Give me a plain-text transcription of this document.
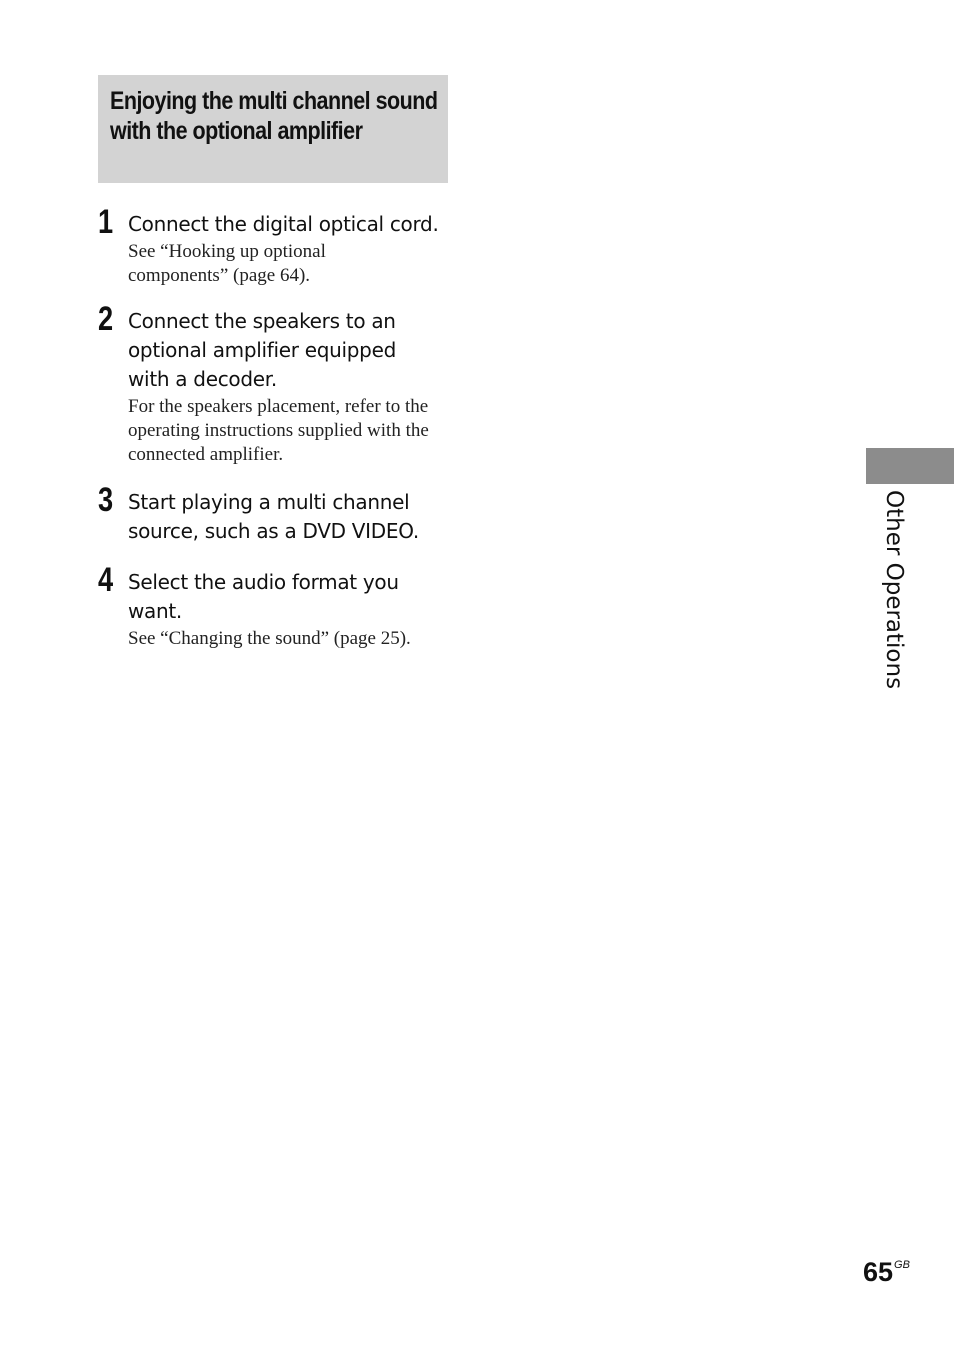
Enjoying the multi channel sound with the optional amplifier
1 Connect the digital optical cord.
See “Hooking up optional components” (page 64).
2 Connect the speakers to an optional amplifier equipped with a decoder.
For the speakers placement, refer to the operating instructions supplied with the connected amplifier.
3 Start playing a multi channel source, such as a DVD VIDEO.
4 Select the audio format you want.
See “Changing the sound” (page 25).	Other Operations
$65^{GB}$
